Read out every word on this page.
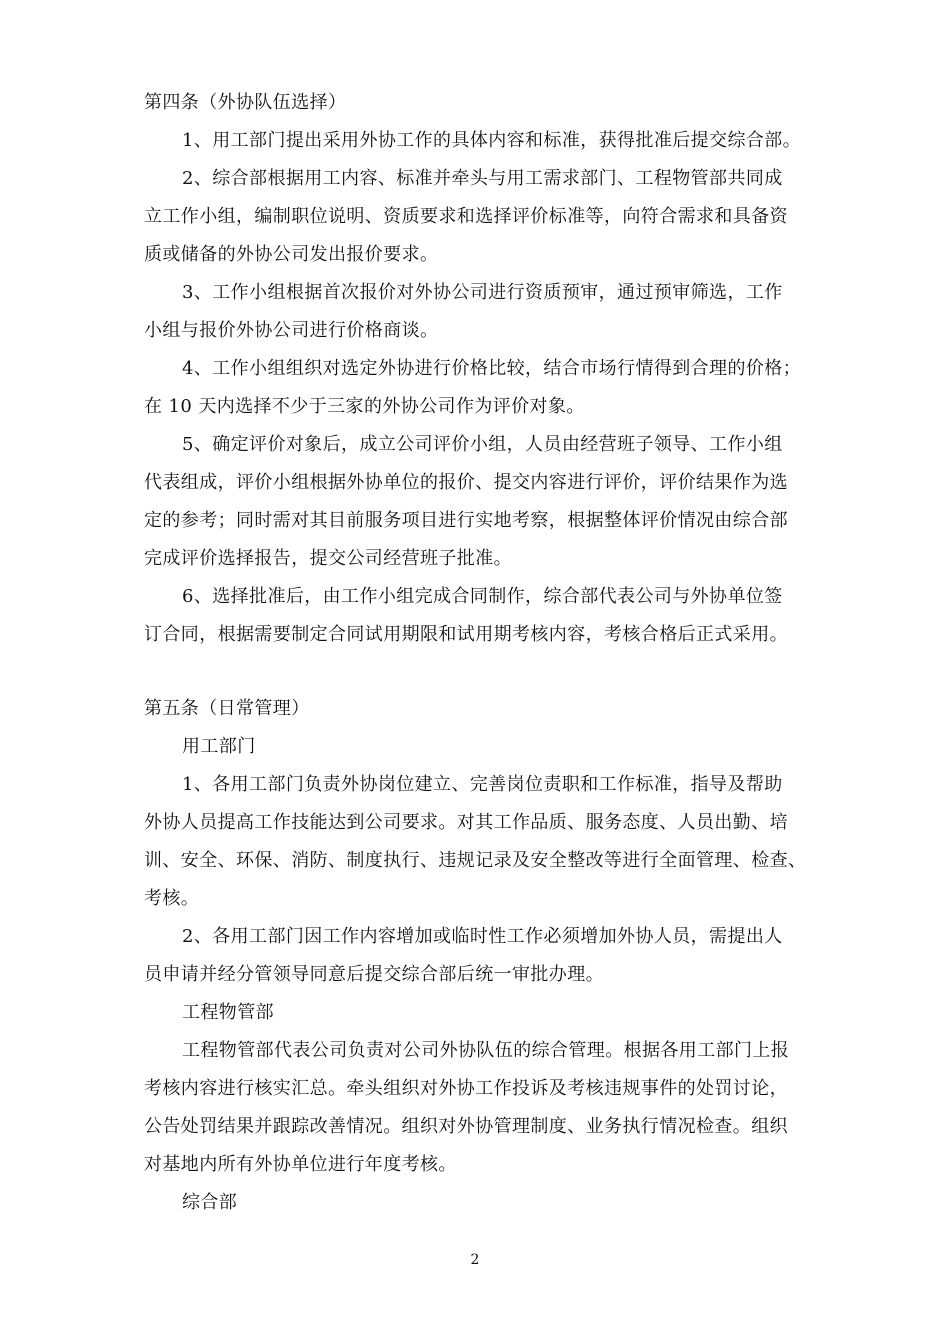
第四条（外协队伍选择）
1、用工部门提出采用外协工作的具体内容和标准，获得批准后提交综合部。
2、综合部根据用工内容、标准并牵头与用工需求部门、工程物管部共同成
立工作小组，编制职位说明、资质要求和选择评价标准等，向符合需求和具备资
质或储备的外协公司发出报价要求。
3、工作小组根据首次报价对外协公司进行资质预审，通过预审筛选，工作
小组与报价外协公司进行价格商谈。
4、工作小组组织对选定外协进行价格比较，结合市场行情得到合理的价格；
在 10 天内选择不少于三家的外协公司作为评价对象。
5、确定评价对象后，成立公司评价小组，人员由经营班子领导、工作小组
代表组成，评价小组根据外协单位的报价、提交内容进行评价，评价结果作为选
定的参考；同时需对其目前服务项目进行实地考察，根据整体评价情况由综合部
完成评价选择报告，提交公司经营班子批准。
6、选择批准后，由工作小组完成合同制作，综合部代表公司与外协单位签
订合同，根据需要制定合同试用期限和试用期考核内容，考核合格后正式采用。
第五条（日常管理）
用工部门
1、各用工部门负责外协岗位建立、完善岗位责职和工作标准，指导及帮助
外协人员提高工作技能达到公司要求。对其工作品质、服务态度、人员出勤、培
训、安全、环保、消防、制度执行、违规记录及安全整改等进行全面管理、检查、
考核。
2、各用工部门因工作内容增加或临时性工作必须增加外协人员，需提出人
员申请并经分管领导同意后提交综合部后统一审批办理。
工程物管部
工程物管部代表公司负责对公司外协队伍的综合管理。根据各用工部门上报
考核内容进行核实汇总。牵头组织对外协工作投诉及考核违规事件的处罚讨论，
公告处罚结果并跟踪改善情况。组织对外协管理制度、业务执行情况检查。组织
对基地内所有外协单位进行年度考核。
综合部
2
